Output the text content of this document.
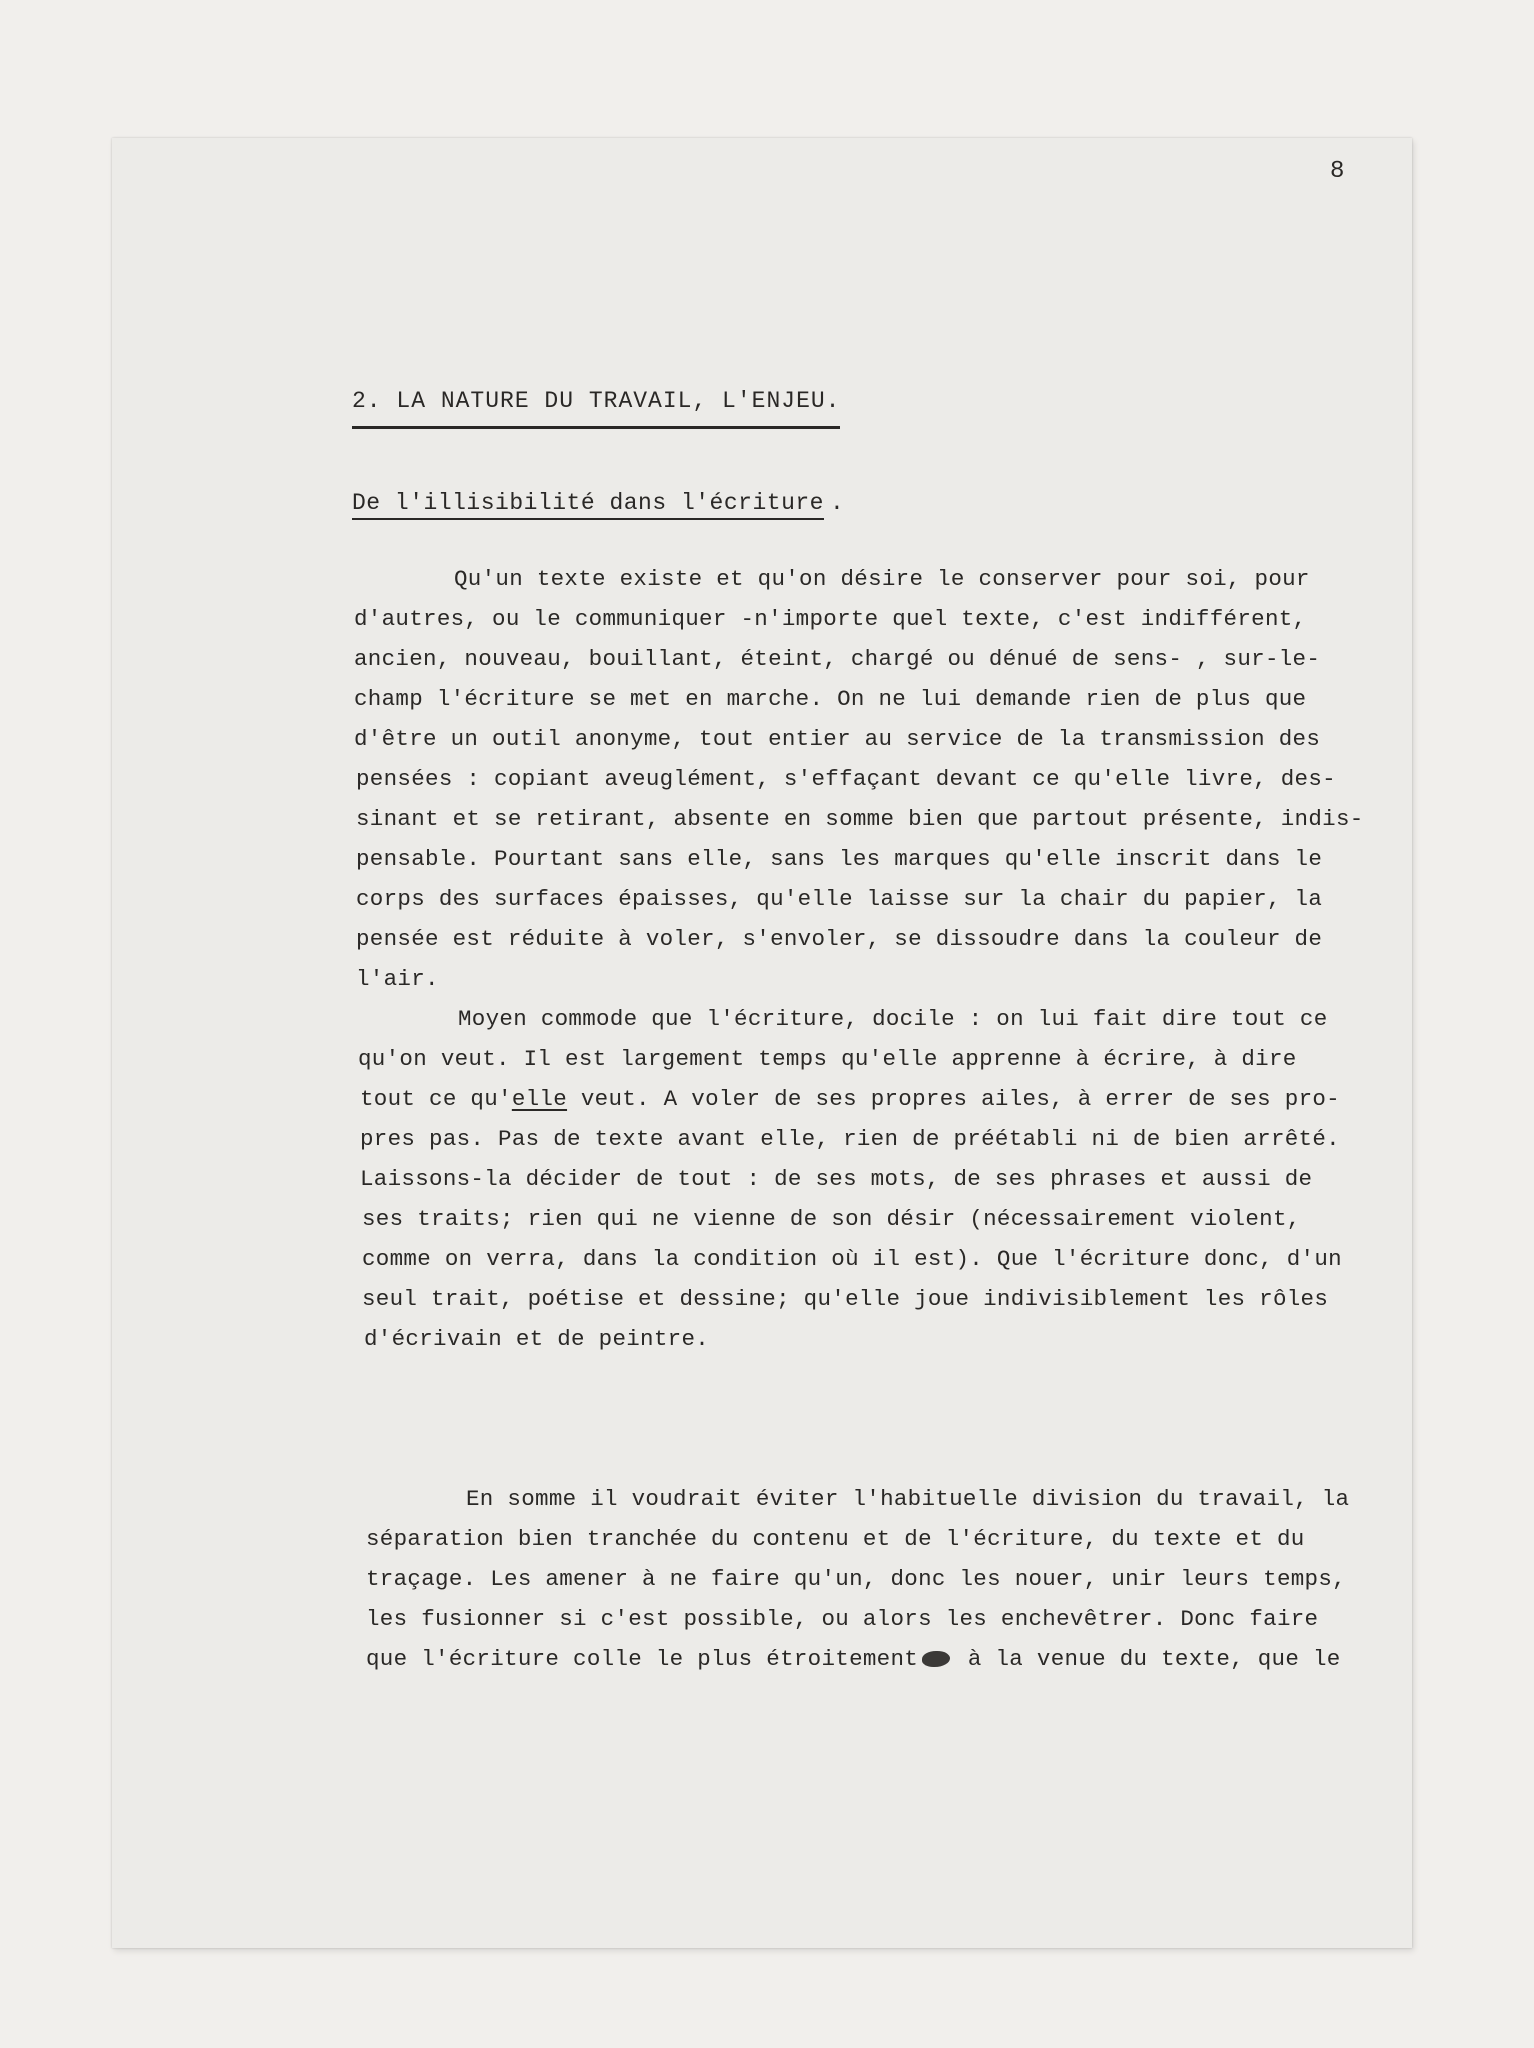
8
2. LA NATURE DU TRAVAIL, L'ENJEU.
De l'illisibilité dans l'écriture .
Qu'un texte existe et qu'on désire le conserver pour soi, pour
d'autres, ou le communiquer -n'importe quel texte, c'est indifférent,
ancien, nouveau, bouillant, éteint, chargé ou dénué de sens- , sur-le-
champ l'écriture se met en marche. On ne lui demande rien de plus que
d'être un outil anonyme, tout entier au service de la transmission des
pensées : copiant aveuglément, s'effaçant devant ce qu'elle livre, des-
sinant et se retirant, absente en somme bien que partout présente, indis-
pensable. Pourtant sans elle, sans les marques qu'elle inscrit dans le
corps des surfaces épaisses, qu'elle laisse sur la chair du papier, la
pensée est réduite à voler, s'envoler, se dissoudre dans la couleur de
l'air.
Moyen commode que l'écriture, docile : on lui fait dire tout ce
qu'on veut. Il est largement temps qu'elle apprenne à écrire, à dire
tout ce qu'elle veut. A voler de ses propres ailes, à errer de ses pro-
pres pas. Pas de texte avant elle, rien de préétabli ni de bien arrêté.
Laissons-la décider de tout : de ses mots, de ses phrases et aussi de
ses traits; rien qui ne vienne de son désir (nécessairement violent,
comme on verra, dans la condition où il est). Que l'écriture donc, d'un
seul trait, poétise et dessine; qu'elle joue indivisiblement les rôles
d'écrivain et de peintre.
En somme il voudrait éviter l'habituelle division du travail, la
séparation bien tranchée du contenu et de l'écriture, du texte et du
traçage. Les amener à ne faire qu'un, donc les nouer, unir leurs temps,
les fusionner si c'est possible, ou alors les enchevêtrer. Donc faire
que l'écriture colle le plus étroitement à la venue du texte, que le
